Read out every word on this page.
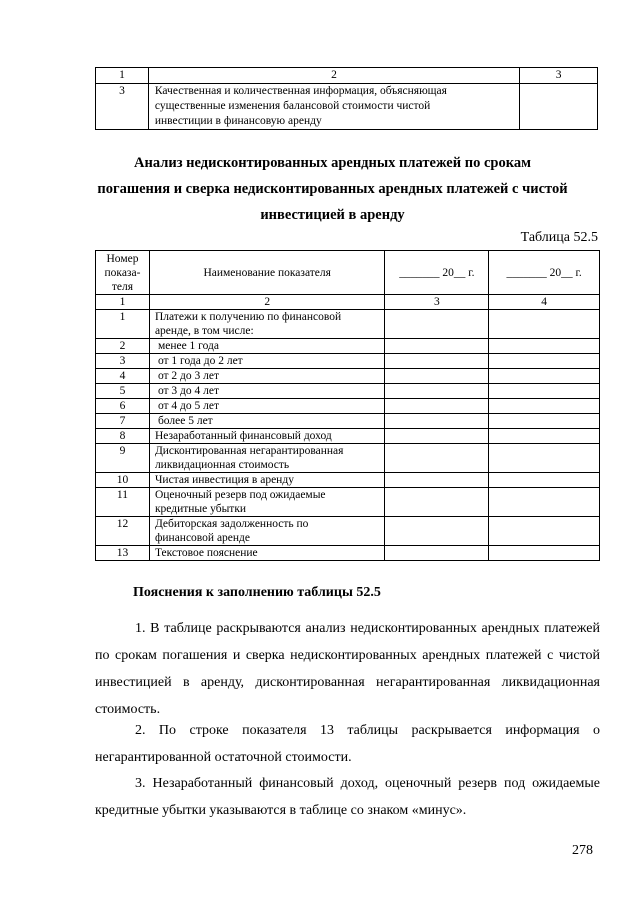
1	2	3
3	Качественная и количественная информация, объясняющая
существенные изменения балансовой стоимости чистой
инвестиции в финансовую аренду	

Анализ недисконтированных арендных платежей по срокам
погашения и сверка недисконтированных арендных платежей с чистой
инвестицией в аренду
Таблица 52.5
Номер
показа-
теля	Наименование показателя	_______ 20__ г.	_______ 20__ г.
1	2	3	4
1	Платежи к получению по финансовой
аренде, в том числе:		

2	менее 1 года		

3	от 1 года до 2 лет		

4	от 2 до 3 лет		

5	от 3 до 4 лет		

6	от 4 до 5 лет		

7	более 5 лет		

8	Незаработанный финансовый доход		

9	Дисконтированная негарантированная
ликвидационная стоимость		

10	Чистая инвестиция в аренду		

11	Оценочный резерв под ожидаемые
кредитные убытки		

12	Дебиторская задолженность по
финансовой аренде		

13	Текстовое пояснение		

Пояснения к заполнению таблицы 52.5
1. В таблице раскрываются анализ недисконтированных арендных платежей по срокам погашения и сверка недисконтированных арендных платежей с чистой инвестицией в аренду, дисконтированная негарантированная ликвидационная стоимость.
2. По строке показателя 13 таблицы раскрывается информация о негарантированной остаточной стоимости.
3. Незаработанный финансовый доход, оценочный резерв под ожидаемые кредитные убытки указываются в таблице со знаком «минус».
278
